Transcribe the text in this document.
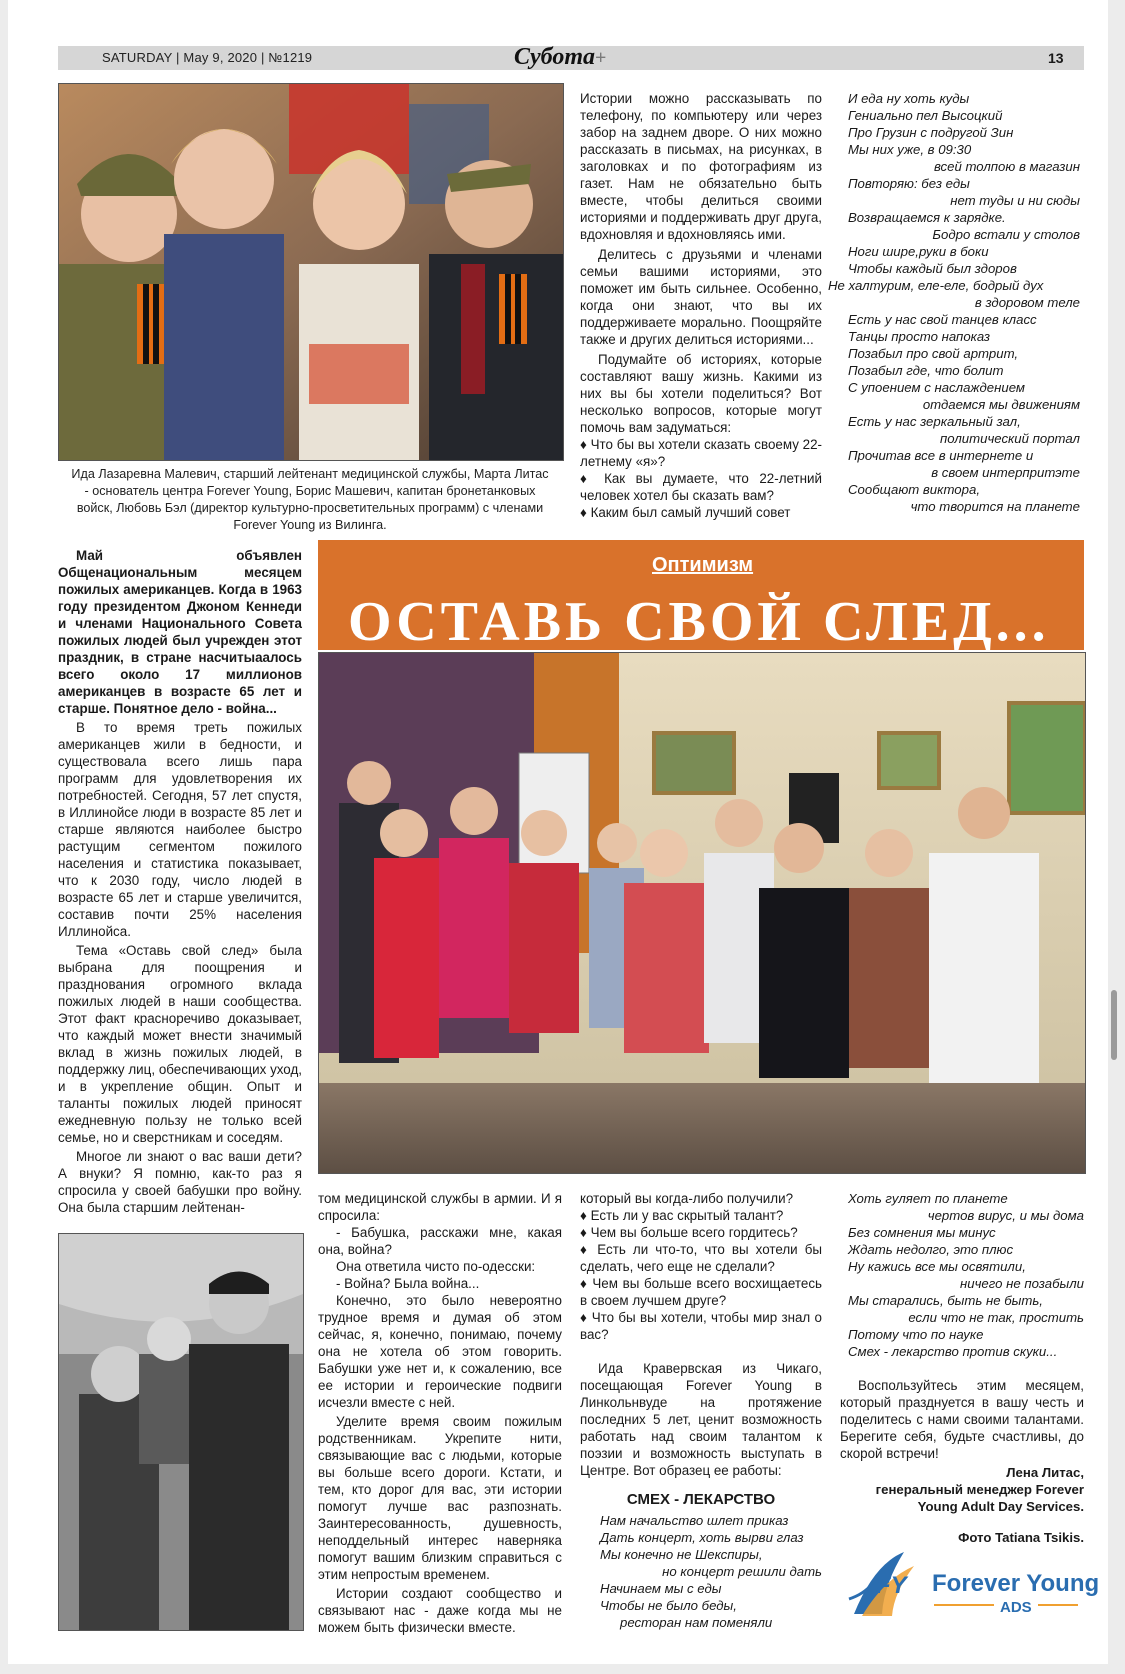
SATURDAY | May 9, 2020 | №1219	Субота+	13
Ида Лазаревна Малевич, старший лейтенант медицинской службы, Марта Литас - основатель центра Forever Young, Борис Машевич, капитан бронетанковых войск, Любовь Бэл (директор культурно-просветительных программ) с членами Forever Young из Вилинга.

Истории можно рассказывать по телефону, по компьютеру или через забор на заднем дворе. О них можно рассказать в письмах, на рисунках, в заголовках и по фотографиям из газет. Нам не обязательно быть вместе, чтобы делиться своими историями и поддерживать друг друга, вдохновляя и вдохновляясь ими.

Делитесь с друзьями и членами семьи вашими историями, это поможет им быть сильнее. Особенно, когда они знают, что вы их поддерживаете морально. Поощряйте также и других делиться историями...

Подумайте об историях, которые составляют вашу жизнь. Какими из них вы бы хотели поделиться? Вот несколько вопросов, которые могут помочь вам задуматься:

♦ Что бы вы хотели сказать своему 22-летнему «я»?
♦ Как вы думаете, что 22-летний человек хотел бы сказать вам?
♦ Каким был самый лучший совет
И еда ну хоть куды
Гениально пел Высоцкий
Про Грузин с подругой Зин
Мы них уже, в 09:30
всей толпою в магазин
Повторяю: без еды
нет туды и ни сюды
Возвращаемся к зарядке.
Бодро встали у столов
Ноги шире,руки в боки
Чтобы каждый был здоров
Не халтурим, еле-еле, бодрый дух
в здоровом теле
Есть у нас свой танцев класс
Танцы просто напоказ
Позабыл про свой артрит,
Позабыл где, что болит
С упоением с наслаждением
отдаемся мы движениям
Есть у нас зеркальный зал,
политический портал
Прочитав все в интернете и
в своем интерпритэте
Сообщают виктора,
что творится на планете

Май объявлен Общенациональным месяцем пожилых американцев. Когда в 1963 году президентом Джоном Кеннеди и членами Национального Совета пожилых людей был учрежден этот праздник, в стране насчитыаалось всего около 17 миллионов американцев в возрасте 65 лет и старше. Понятное дело - война...

В то время треть пожилых американцев жили в бедности, и существовала всего лишь пара программ для удовлетворения их потребностей. Сегодня, 57 лет спустя, в Иллинойсе люди в возрасте 85 лет и старше являются наиболее быстро растущим сегментом пожилого населения и статистика показывает, что к 2030 году, число людей в возрасте 65 лет и старше увеличится, составив почти 25% населения Иллинойса.

Тема «Оставь свой след» была выбрана для поощрения и празднования огромного вклада пожилых людей в наши сообщества. Этот факт красноречиво доказывает, что каждый может внести значимый вклад в жизнь пожилых людей, в поддержку лиц, обеспечивающих уход, и в укрепление общин. Опыт и таланты пожилых людей приносят ежедневную пользу не только всей семье, но и сверстникам и соседям.

Многое ли знают о вас ваши дети? А внуки? Я помню, как-то раз я спросила у своей бабушки про войну. Она была старшим лейтенан-

Оптимизм
ОСТАВЬ СВОЙ СЛЕД...

том медицинской службы в армии. И я спросила:

- Бабушка, расскажи мне, какая она, война?

Она ответила чисто по-одесски:

- Война? Была война...

Конечно, это было невероятно трудное время и думая об этом сейчас, я, конечно, понимаю, почему она не хотела об этом говорить. Бабушки уже нет и, к сожалению, все ее истории и героические подвиги исчезли вместе с ней.

Уделите время своим пожилым родственникам. Укрепите нити, связывающие вас с людьми, которые вы больше всего дороги. Кстати, и тем, кто дорог для вас, эти истории помогут лучше вас разпознать. Заинтересованность, душевность, неподдельный интерес наверняка помогут вашим близким справиться с этим непростым временем.

Истории создают сообщество и связывают нас - даже когда мы не можем быть физически вместе.

который вы когда-либо получили?

♦ Есть ли у вас скрытый талант?
♦ Чем вы больше всего гордитесь?
♦ Есть ли что-то, что вы хотели бы сделать, чего еще не сделали?
♦ Чем вы больше всего восхищаетесь в своем лучшем друге?
♦ Что бы вы хотели, чтобы мир знал о вас?

Ида Кравервская из Чикаго, посещающая Forever Young в Линкольнвуде на протяжение последних 5 лет, ценит возможность работать над своим талантом к поэзии и возможность выступать в Центре. Вот образец ее работы:

СМЕХ - ЛЕКАРСТВО
Нам начальство шлет приказ
Дать концерт, хоть вырви глаз
Мы конечно не Шекспиры,
но концерт решили дать
Начинаем мы с еды
Чтобы не было беды,
ресторан нам поменяли
Хоть гуляет по планете
чертов вирус, и мы дома
Без сомнения мы минус
Ждать недолго, это плюс
Ну кажись все мы освятили,
ничего не позабыли
Мы старались, быть не быть,
если что не так, простить
Потому что по науке
Смех - лекарство против скуки...
Воспользуйтесь этим месяцем, который празднуется в вашу честь и поделитесь с нами своими талантами. Берегите себя, будьте счастливы, до скорой встречи!
Лена Литас,
генеральный менеджер Forever Young Adult Day Services.
Фото Tatiana Tsikis.
FY Forever Young
ADS
